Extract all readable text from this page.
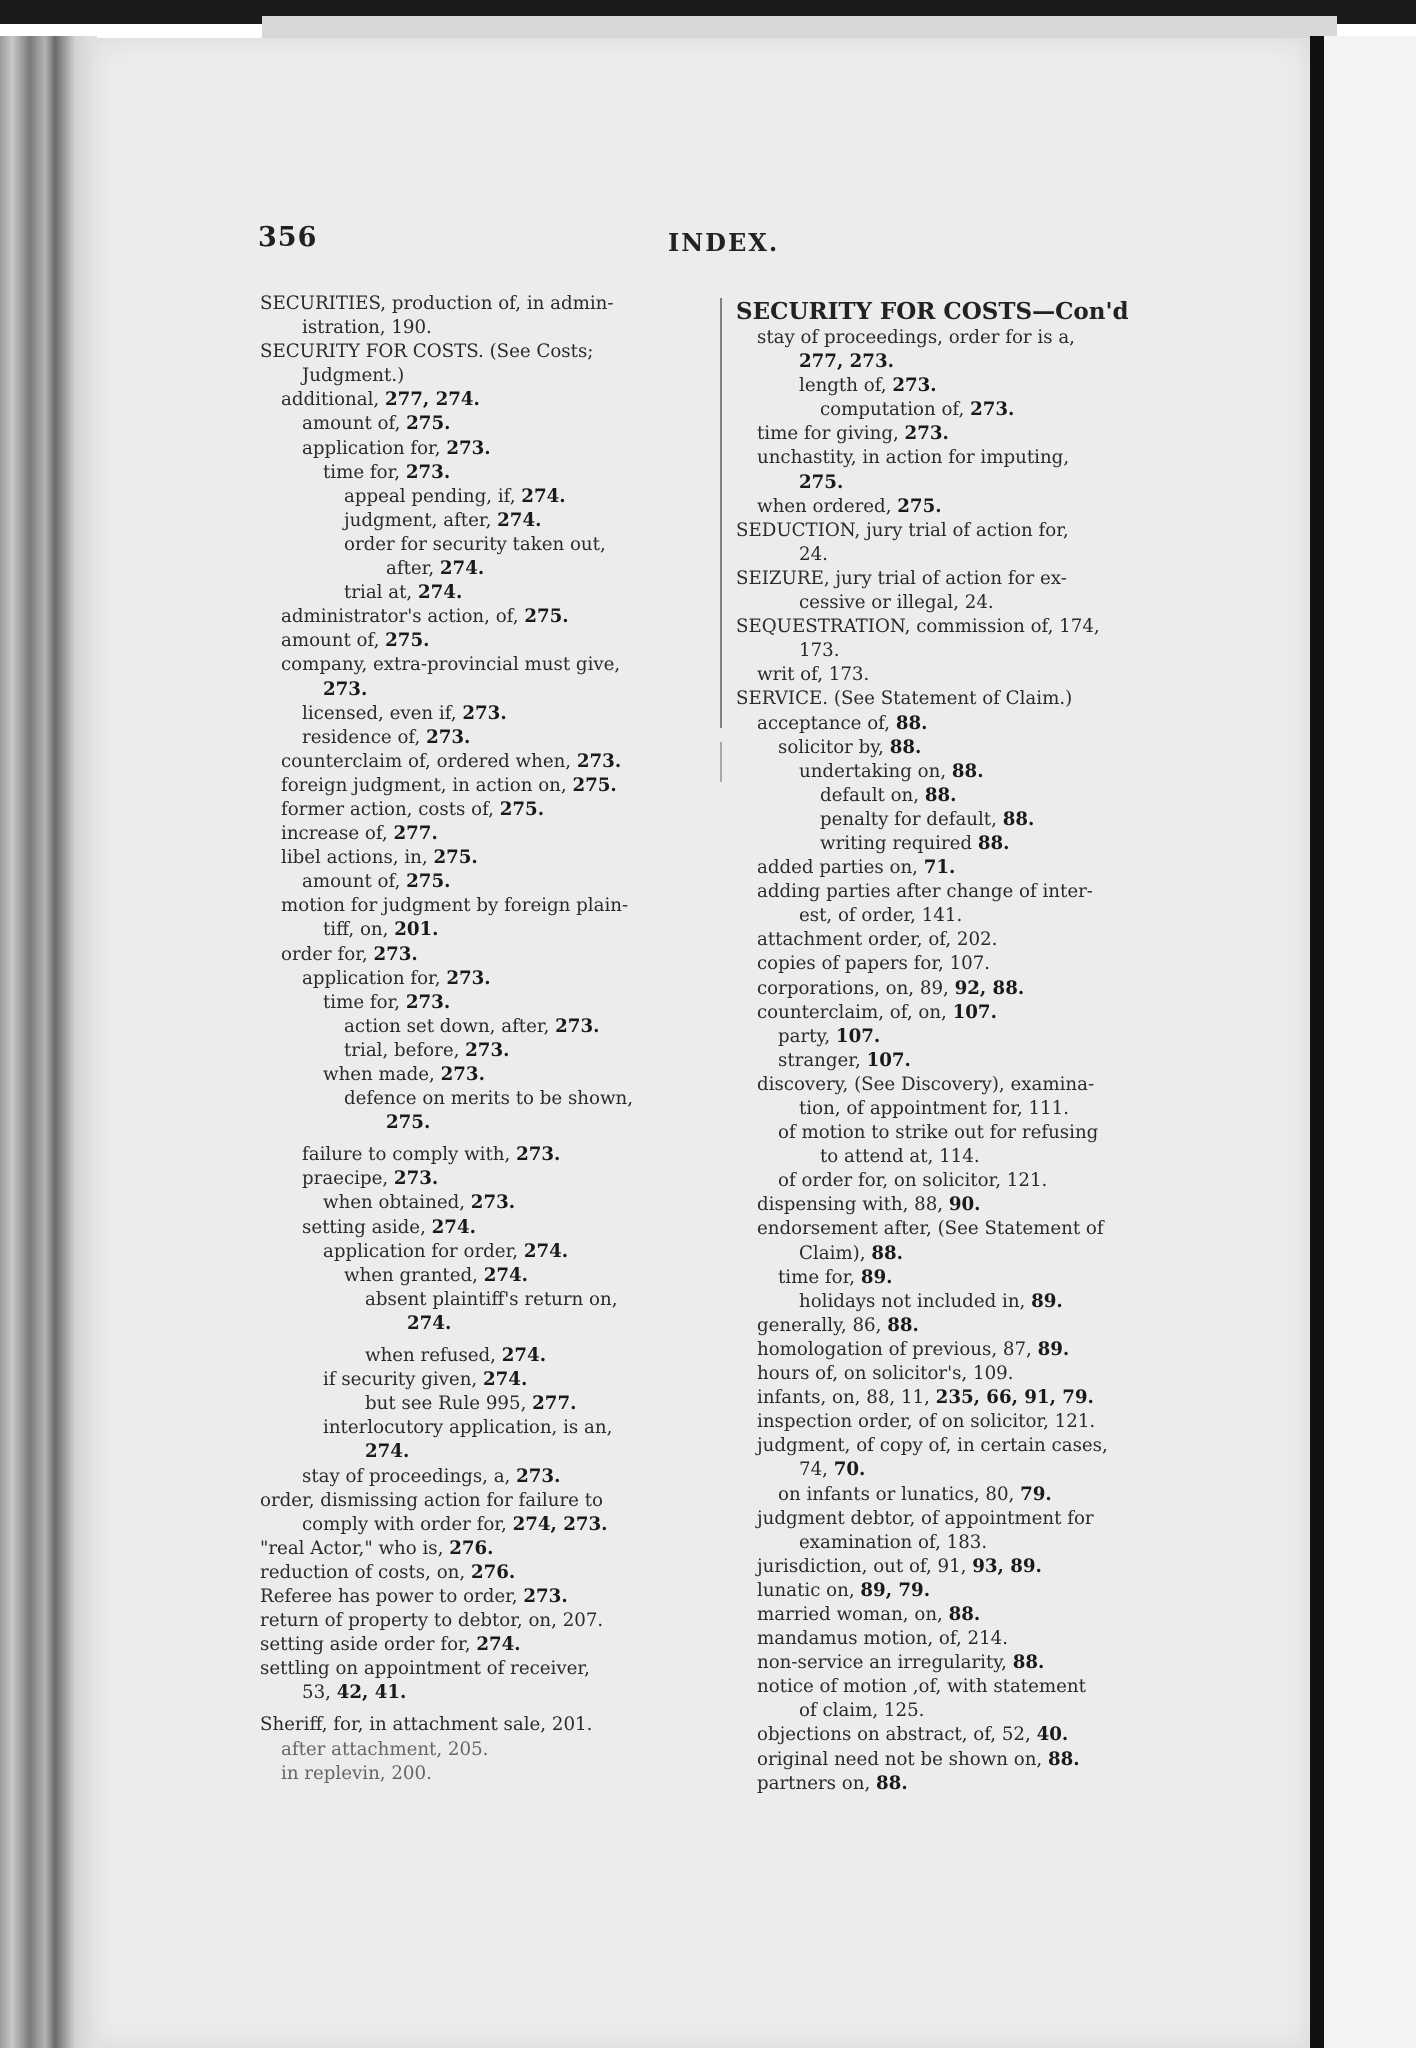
356	INDEX.
SECURITIES, production of, in admin-
istration, 190.
SECURITY FOR COSTS. (See Costs;
Judgment.)
additional, 277, 274.
amount of, 275.
application for, 273.
time for, 273.
appeal pending, if, 274.
judgment, after, 274.
order for security taken out,
after, 274.
trial at, 274.
administrator's action, of, 275.
amount of, 275.
company, extra-provincial must give,
273.
licensed, even if, 273.
residence of, 273.
counterclaim of, ordered when, 273.
foreign judgment, in action on, 275.
former action, costs of, 275.
increase of, 277.
libel actions, in, 275.
amount of, 275.
motion for judgment by foreign plain-
tiff, on, 201.
order for, 273.
application for, 273.
time for, 273.
action set down, after, 273.
trial, before, 273.
when made, 273.
defence on merits to be shown,
275.
failure to comply with, 273.
praecipe, 273.
when obtained, 273.
setting aside, 274.
application for order, 274.
when granted, 274.
absent plaintiff's return on,
274.
when refused, 274.
if security given, 274.
but see Rule 995, 277.
interlocutory application, is an,
274.
stay of proceedings, a, 273.
order, dismissing action for failure to
comply with order for, 274, 273.
"real Actor," who is, 276.
reduction of costs, on, 276.
Referee has power to order, 273.
return of property to debtor, on, 207.
setting aside order for, 274.
settling on appointment of receiver,
53, 42, 41.
Sheriff, for, in attachment sale, 201.
after attachment, 205.
in replevin, 200.
SECURITY FOR COSTS—Con'd
stay of proceedings, order for is a,
277, 273.
length of, 273.
computation of, 273.
time for giving, 273.
unchastity, in action for imputing,
275.
when ordered, 275.
SEDUCTION, jury trial of action for,
24.
SEIZURE, jury trial of action for ex-
cessive or illegal, 24.
SEQUESTRATION, commission of, 174,
173.
writ of, 173.
SERVICE. (See Statement of Claim.)
acceptance of, 88.
solicitor by, 88.
undertaking on, 88.
default on, 88.
penalty for default, 88.
writing required 88.
added parties on, 71.
adding parties after change of inter-
est, of order, 141.
attachment order, of, 202.
copies of papers for, 107.
corporations, on, 89, 92, 88.
counterclaim, of, on, 107.
party, 107.
stranger, 107.
discovery, (See Discovery), examina-
tion, of appointment for, 111.
of motion to strike out for refusing
to attend at, 114.
of order for, on solicitor, 121.
dispensing with, 88, 90.
endorsement after, (See Statement of
Claim), 88.
time for, 89.
holidays not included in, 89.
generally, 86, 88.
homologation of previous, 87, 89.
hours of, on solicitor's, 109.
infants, on, 88, 11, 235, 66, 91, 79.
inspection order, of on solicitor, 121.
judgment, of copy of, in certain cases,
74, 70.
on infants or lunatics, 80, 79.
judgment debtor, of appointment for
examination of, 183.
jurisdiction, out of, 91, 93, 89.
lunatic on, 89, 79.
married woman, on, 88.
mandamus motion, of, 214.
non-service an irregularity, 88.
notice of motion ,of, with statement
of claim, 125.
objections on abstract, of, 52, 40.
original need not be shown on, 88.
partners on, 88.
